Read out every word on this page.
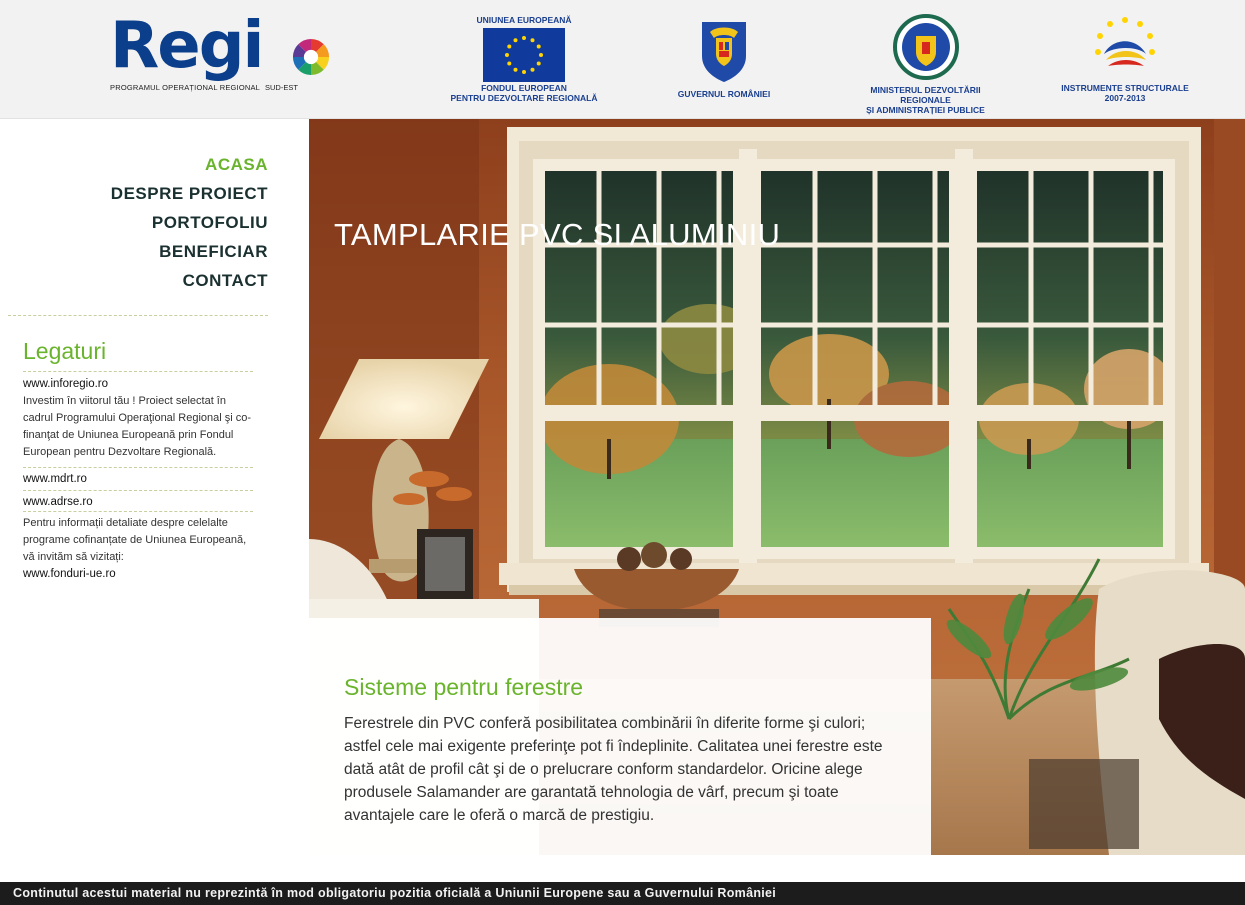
Regi
PROGRAMUL OPERAȚIONAL REGIONAL SUD-EST
UNIUNEA EUROPEANĂ
FONDUL EUROPEAN
PENTRU DEZVOLTARE REGIONALĂ	GUVERNUL ROMÂNIEI	MINISTERUL DEZVOLTĂRII REGIONALE
ȘI ADMINISTRAȚIEI PUBLICE
INSTRUMENTE STRUCTURALE
2007-2013
ACASA
DESPRE PROIECT
PORTOFOLIU
BENEFICIAR
CONTACT
Legaturi
www.inforegio.ro
Investim în viitorul tău ! Proiect selectat în cadrul Programului Operaţional Regional şi co-finanţat de Uniunea Europeană prin Fondul European pentru Dezvoltare Regională.
www.mdrt.ro
www.adrse.ro
Pentru informații detaliate despre celelalte programe cofinanțate de Uniunea Europeană, vă invităm să vizitați:
www.fonduri-ue.ro
TAMPLARIE PVC SI ALUMINIU
Sisteme pentru ferestre

Ferestrele din PVC conferă posibilitatea combinării în diferite forme şi culori; astfel cele mai exigente preferinţe pot fi îndeplinite. Calitatea unei ferestre este dată atât de profil cât şi de o prelucrare conform standardelor. Oricine alege produsele Salamander are garantată tehnologia de vârf, precum şi toate avantajele care le oferă o marcă de prestigiu.

Continutul acestui material nu reprezintă în mod obligatoriu pozitia oficială a Uniunii Europene sau a Guvernului României
